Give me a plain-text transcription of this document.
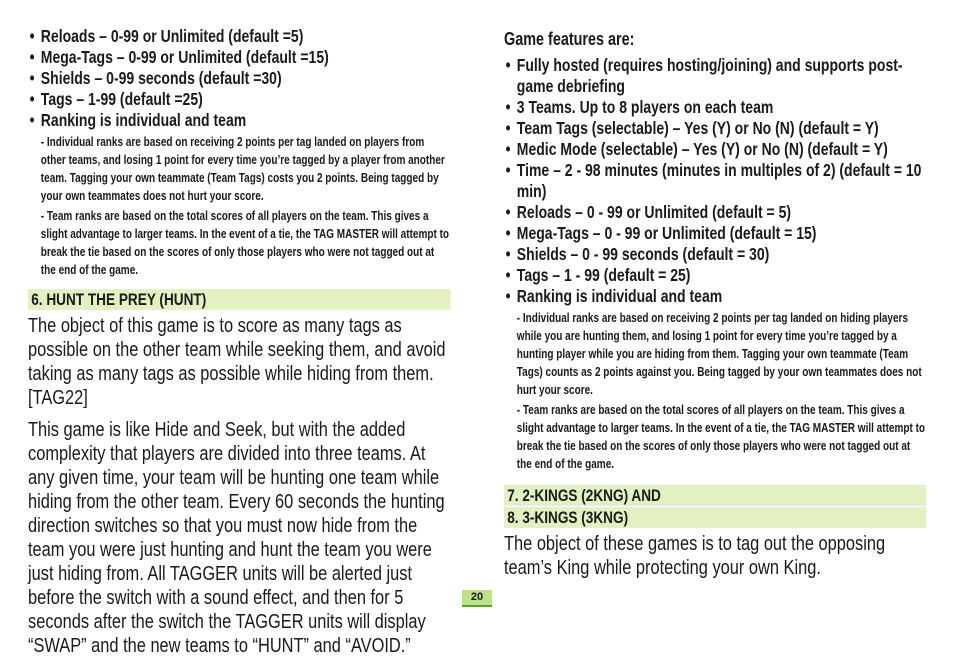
• Reloads – 0-99 or Unlimited (default =5)
• Mega-Tags – 0-99 or Unlimited (default =15)
• Shields – 0-99 seconds (default =30)
• Tags – 1-99 (default =25)
• Ranking is individual and team

- Individual ranks are based on receiving 2 points per tag landed on players from other teams, and losing 1 point for every time you’re tagged by a player from another team. Tagging your own teammate (Team Tags) costs you 2 points. Being tagged by your own teammates does not hurt your score.

- Team ranks are based on the total scores of all players on the team. This gives a slight advantage to larger teams. In the event of a tie, the TAG MASTER will attempt to break the tie based on the scores of only those players who were not tagged out at the end of the game.

6. HUNT THE PREY (HUNT)

The object of this game is to score as many tags as possible on the other team while seeking them, and avoid taking as many tags as possible while hiding from them. [TAG22]

This game is like Hide and Seek, but with the added complexity that players are divided into three teams. At any given time, your team will be hunting one team while hiding from the other team. Every 60 seconds the hunting direction switches so that you must now hide from the team you were just hunting and hunt the team you were just hiding from. All TAGGER units will be alerted just before the switch with a sound effect, and then for 5 seconds after the switch the TAGGER units will display “SWAP” and the new teams to “HUNT” and “AVOID.”

Game features are:
• Fully hosted (requires hosting/joining) and supports post-game debriefing
• 3 Teams. Up to 8 players on each team
• Team Tags (selectable) – Yes (Y) or No (N) (default = Y)
• Medic Mode (selectable) – Yes (Y) or No (N) (default = Y)
• Time – 2 - 98 minutes (minutes in multiples of 2) (default = 10 min)
• Reloads – 0 - 99 or Unlimited (default = 5)
• Mega-Tags – 0 - 99 or Unlimited (default = 15)
• Shields – 0 - 99 seconds (default = 30)
• Tags – 1 - 99 (default = 25)
• Ranking is individual and team

- Individual ranks are based on receiving 2 points per tag landed on hiding players while you are hunting them, and losing 1 point for every time you’re tagged by a hunting player while you are hiding from them. Tagging your own teammate (Team Tags) counts as 2 points against you. Being tagged by your own teammates does not hurt your score.

- Team ranks are based on the total scores of all players on the team. This gives a slight advantage to larger teams. In the event of a tie, the TAG MASTER will attempt to break the tie based on the scores of only those players who were not tagged out at the end of the game.

7. 2-KINGS (2KNG) AND
8. 3-KINGS (3KNG)

The object of these games is to tag out the opposing team’s King while protecting your own King.

20
